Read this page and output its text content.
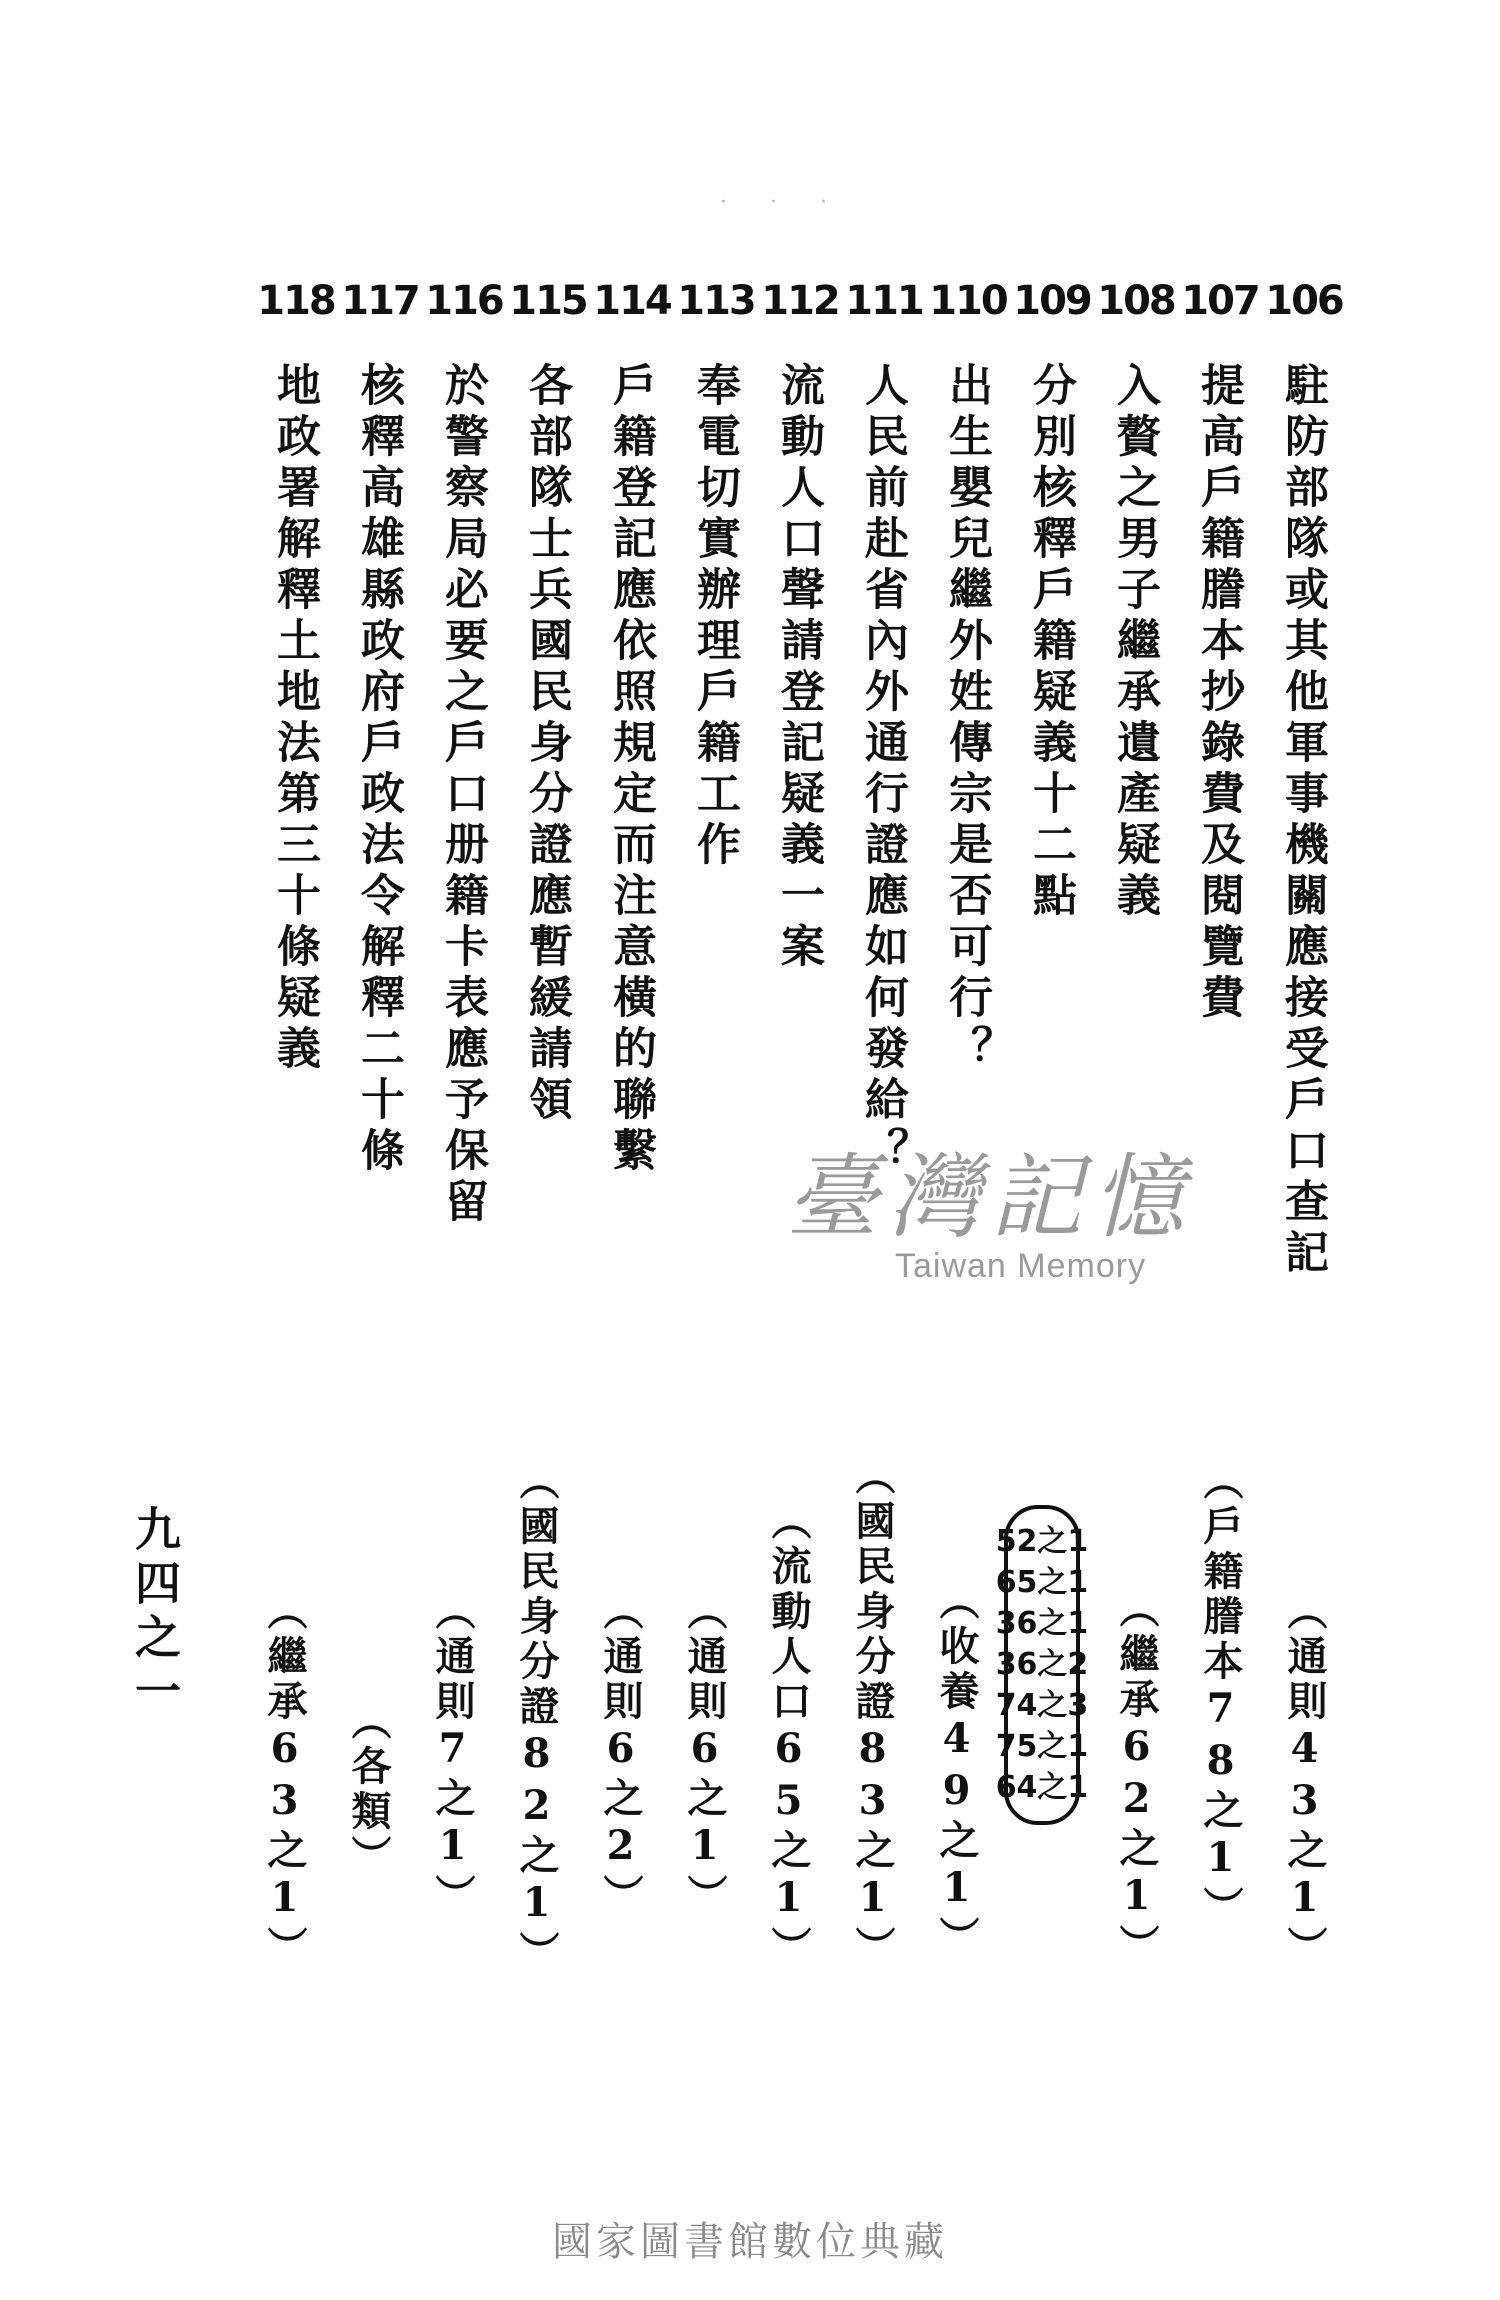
· · ·
106
107
108
109
110
111
112
113
114
115
116
117
118
駐防部隊或其他軍事機關應接受戶口查記
提高戶籍謄本抄錄費及閱覽費
入贅之男子繼承遺產疑義
分別核釋戶籍疑義十二點
出生嬰兒繼外姓傳宗是否可行？
人民前赴省內外通行證應如何發給？
流動人口聲請登記疑義一案
奉電切實辦理戶籍工作
戶籍登記應依照規定而注意橫的聯繫
各部隊士兵國民身分證應暫緩請領
於警察局必要之戶口册籍卡表應予保留
核釋高雄縣政府戶政法令解釋二十條
地政署解釋土地法第三十條疑義
臺灣記憶
Taiwan Memory
（通則43之1）
（戶籍謄本78之1）
（繼承62之1）
52之1
65之1
36之1
36之2
74之3
75之1
64之1
（收養49之1）
（國民身分證83之1）
（流動人口65之1）
（通則6之1）
（通則6之2）
（國民身分證82之1）
（通則7之1）
（各類）
（繼承63之1）
九四之一
國家圖書館數位典藏
